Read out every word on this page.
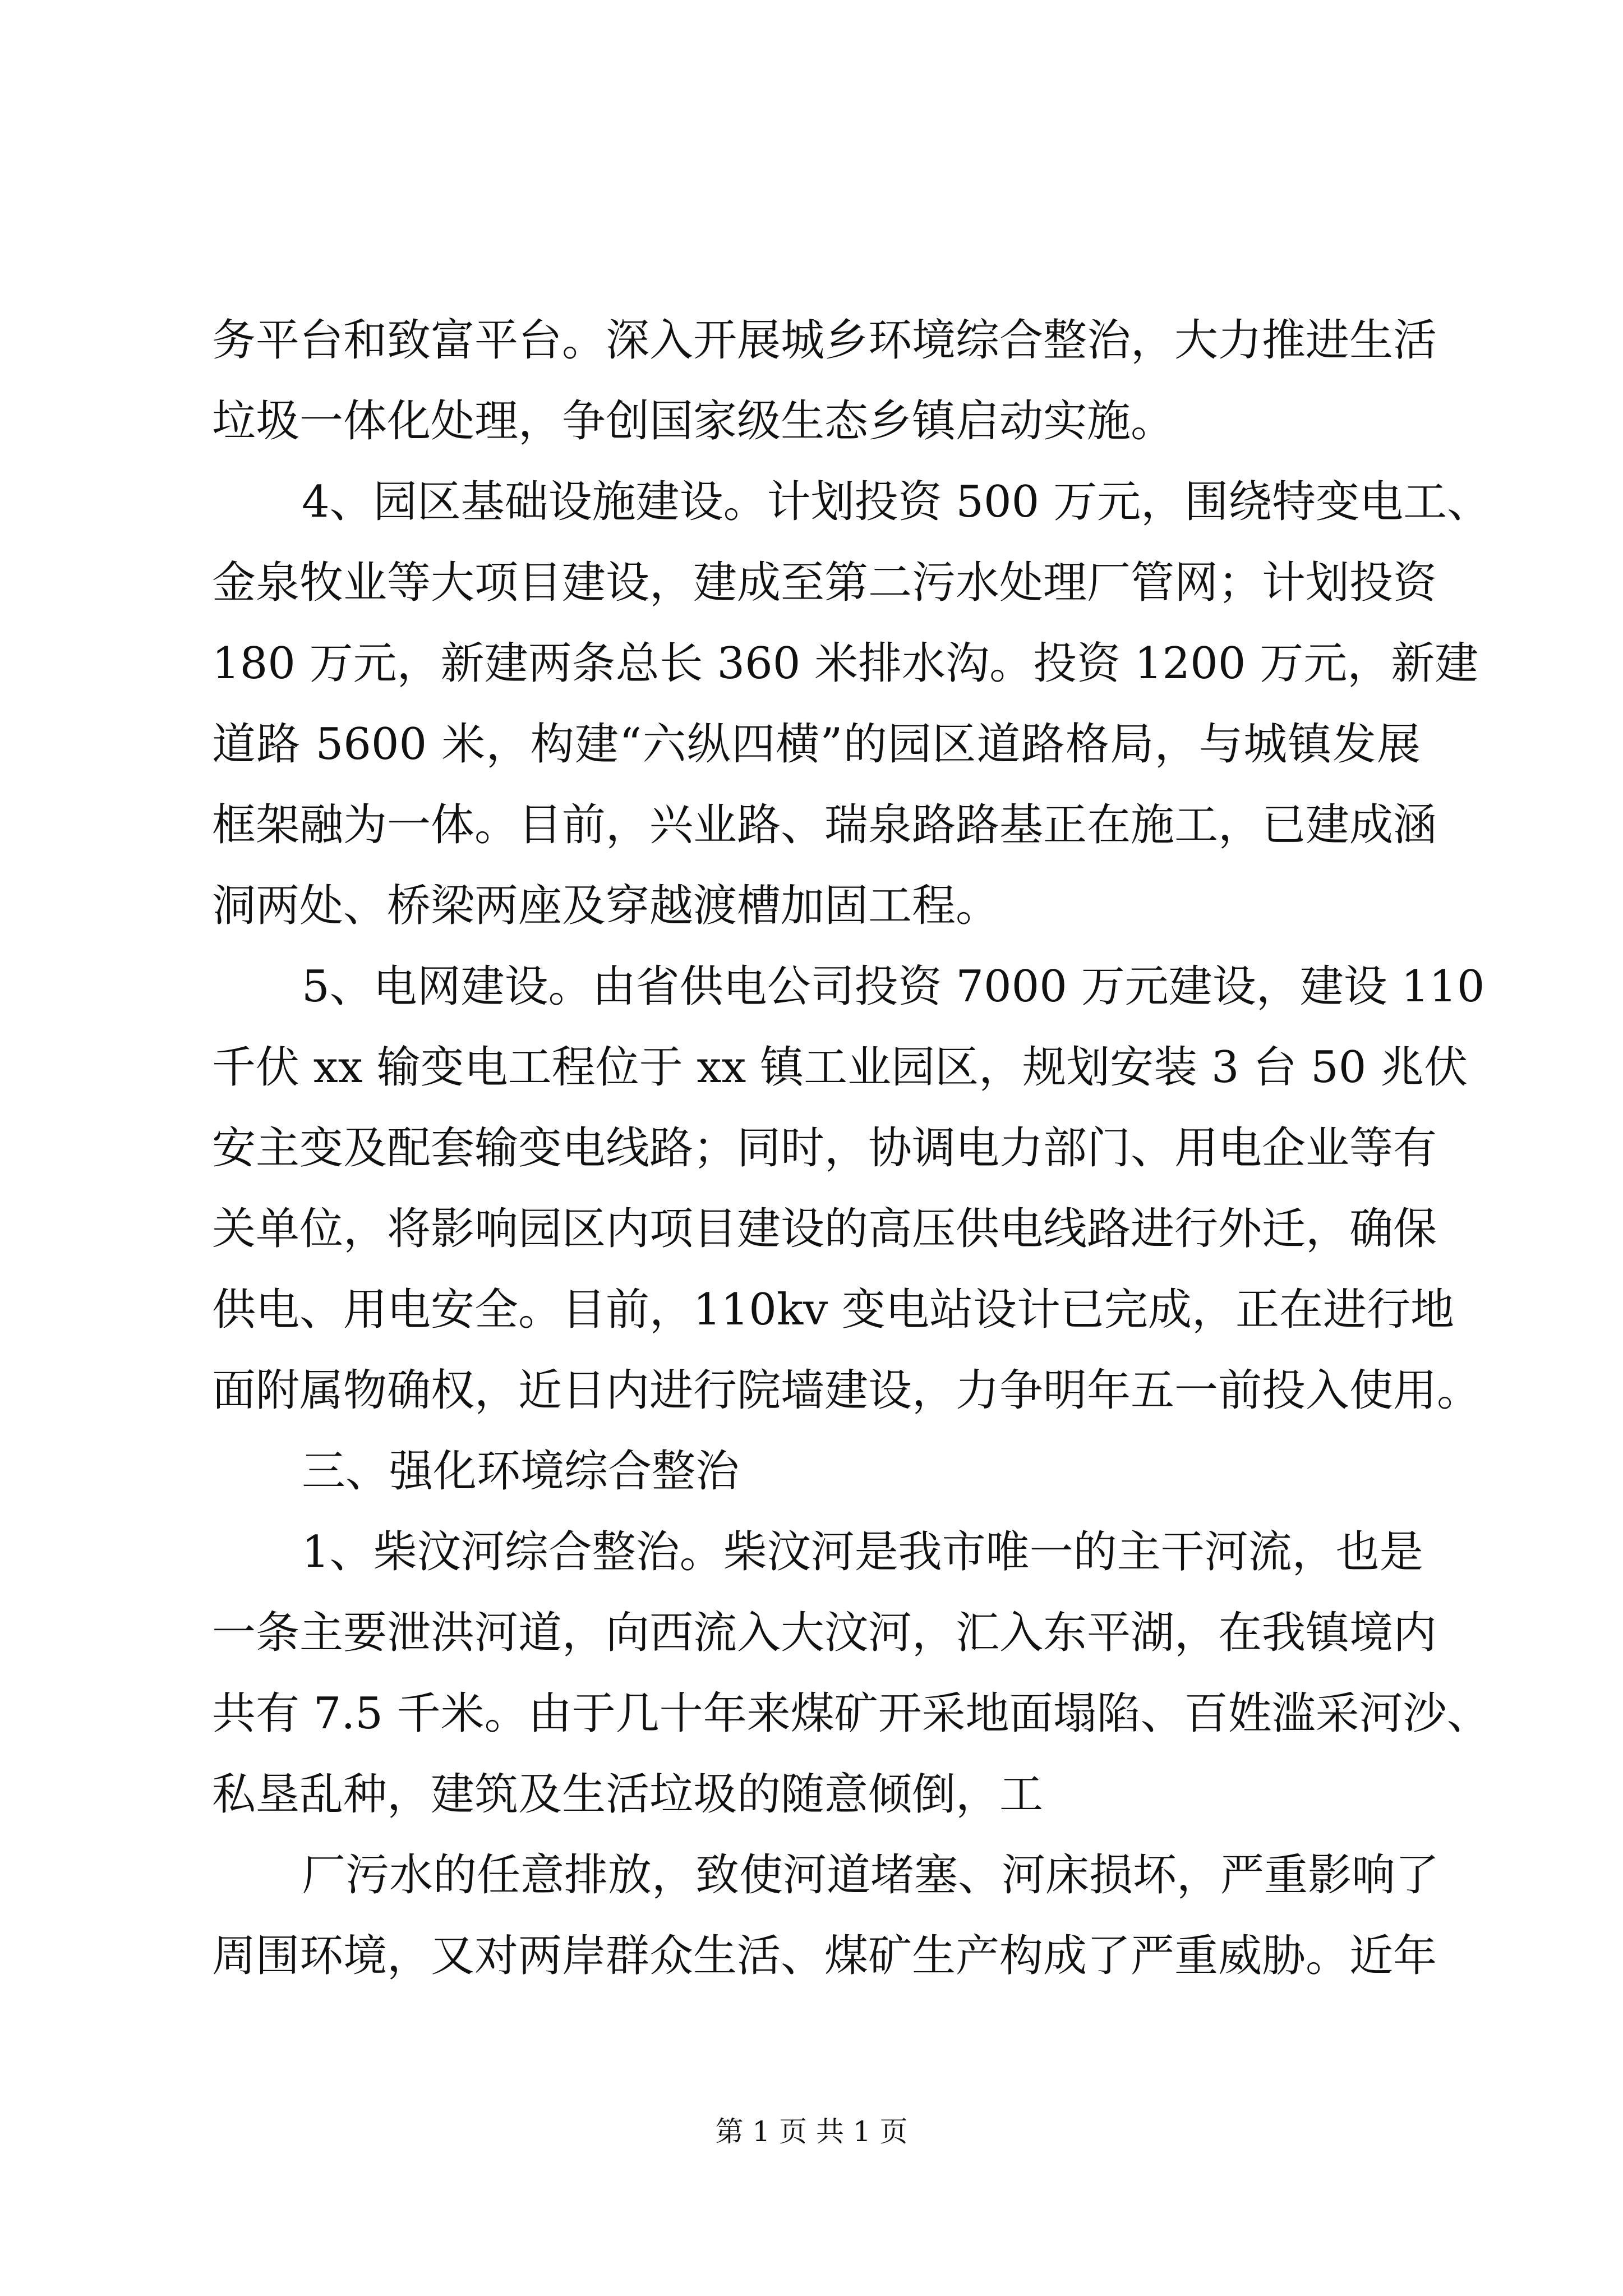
务平台和致富平台。深入开展城乡环境综合整治，大力推进生活
垃圾一体化处理，争创国家级生态乡镇启动实施。
4、园区基础设施建设。计划投资 500 万元，围绕特变电工、
金泉牧业等大项目建设，建成至第二污水处理厂管网；计划投资
180 万元，新建两条总长 360 米排水沟。投资 1200 万元，新建
道路 5600 米，构建“六纵四横”的园区道路格局，与城镇发展
框架融为一体。目前，兴业路、瑞泉路路基正在施工，已建成涵
洞两处、桥梁两座及穿越渡槽加固工程。
5、电网建设。由省供电公司投资 7000 万元建设，建设 110
千伏 xx 输变电工程位于 xx 镇工业园区，规划安装 3 台 50 兆伏
安主变及配套输变电线路；同时，协调电力部门、用电企业等有
关单位，将影响园区内项目建设的高压供电线路进行外迁，确保
供电、用电安全。目前，110kv 变电站设计已完成，正在进行地
面附属物确权，近日内进行院墙建设，力争明年五一前投入使用。
三、强化环境综合整治
1、柴汶河综合整治。柴汶河是我市唯一的主干河流，也是
一条主要泄洪河道，向西流入大汶河，汇入东平湖，在我镇境内
共有 7.5 千米。由于几十年来煤矿开采地面塌陷、百姓滥采河沙、
私垦乱种，建筑及生活垃圾的随意倾倒，工
厂污水的任意排放，致使河道堵塞、河床损坏，严重影响了
周围环境，又对两岸群众生活、煤矿生产构成了严重威胁。近年
第 1 页 共 1 页
